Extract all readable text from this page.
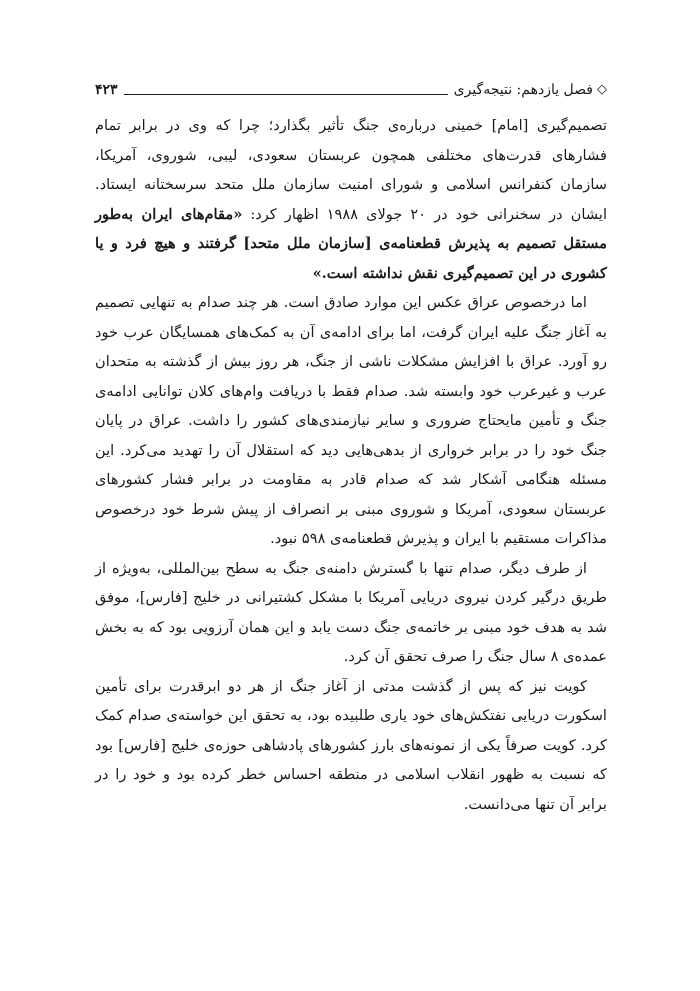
◇
فصل یازدهم: نتیجه‌گیری
۴۲۳

تصمیم‌گیری [امام] خمینی درباره‌ی جنگ تأثیر بگذارد؛ چرا که وی در برابر تمام فشارهای قدرت‌های مختلفی همچون عربستان سعودی، لیبی، شوروی، آمریکا، سازمان کنفرانس اسلامی و شورای امنیت سازمان ملل متحد سرسختانه ایستاد. ایشان در سخنرانی خود در ۲۰ جولای ۱۹۸۸ اظهار کرد: «مقام‌های ایران به‌طور مستقل تصمیم به پذیرش قطعنامه‌ی [سازمان ملل متحد] گرفتند و هیچ فرد و یا کشوری در این تصمیم‌گیری نقش نداشته است.»

اما درخصوص عراق عکس این موارد صادق است. هر چند صدام به تنهایی تصمیم به آغاز جنگ علیه ایران گرفت، اما برای ادامه‌ی آن به کمک‌های همسایگان عرب خود رو آورد. عراق با افزایش مشکلات ناشی از جنگ، هر روز بیش از گذشته به متحدان عرب و غیرعرب خود وابسته شد. صدام فقط با دریافت وام‌های کلان توانایی ادامه‌ی جنگ و تأمین مایحتاج ضروری و سایر نیازمندی‌های کشور را داشت. عراق در پایان جنگ خود را در برابر خرواری از بدهی‌هایی دید که استقلال آن را تهدید می‌کرد. این مسئله هنگامی آشکار شد که صدام قادر به مقاومت در برابر فشار کشورهای عربستان سعودی، آمریکا و شوروی مبنی بر انصراف از پیش شرط خود درخصوص مذاکرات مستقیم با ایران و پذیرش قطعنامه‌ی ۵۹۸ نبود.

از طرف دیگر، صدام تنها با گسترش دامنه‌ی جنگ به سطح بین‌المللی، به‌ویژه از طریق درگیر کردن نیروی دریایی آمریکا با مشکل کشتیرانی در خلیج [فارس]، موفق شد به هدف خود مبنی بر خاتمه‌ی جنگ دست یابد و این همان آرزویی بود که به بخش عمده‌ی ۸ سال جنگ را صرف تحقق آن کرد.

کویت نیز که پس از گذشت مدتی از آغاز جنگ از هر دو ابرقدرت برای تأمین اسکورت دریایی نفتکش‌های خود یاری طلبیده بود، به تحقق این خواسته‌ی صدام کمک کرد. کویت صرفاً یکی از نمونه‌های بارز کشورهای پادشاهی حوزه‌ی خلیج [فارس] بود که نسبت به ظهور انقلاب اسلامی در منطقه احساس خطر کرده بود و خود را در برابر آن تنها می‌دانست.
